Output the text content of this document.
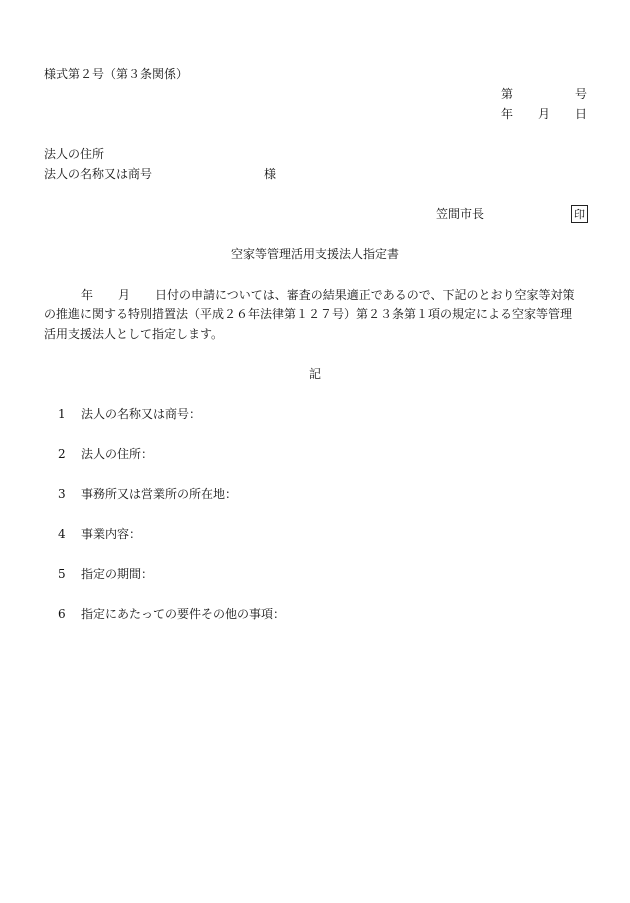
様式第２号（第３条関係）
第	号
年 月 日
法人の住所
法人の名称又は商号	様
笠間市長	印
空家等管理活用支援法人指定書
年 月 日付の申請については、審査の結果適正であるので、下記のとおり空家等対策
の推進に関する特別措置法（平成２６年法律第１２７号）第２３条第１項の規定による空家等管理
活用支援法人として指定します。
記
1 法人の名称又は商号：
2 法人の住所：
3 事務所又は営業所の所在地：
4 事業内容：
5 指定の期間：
6 指定にあたっての要件その他の事項：
